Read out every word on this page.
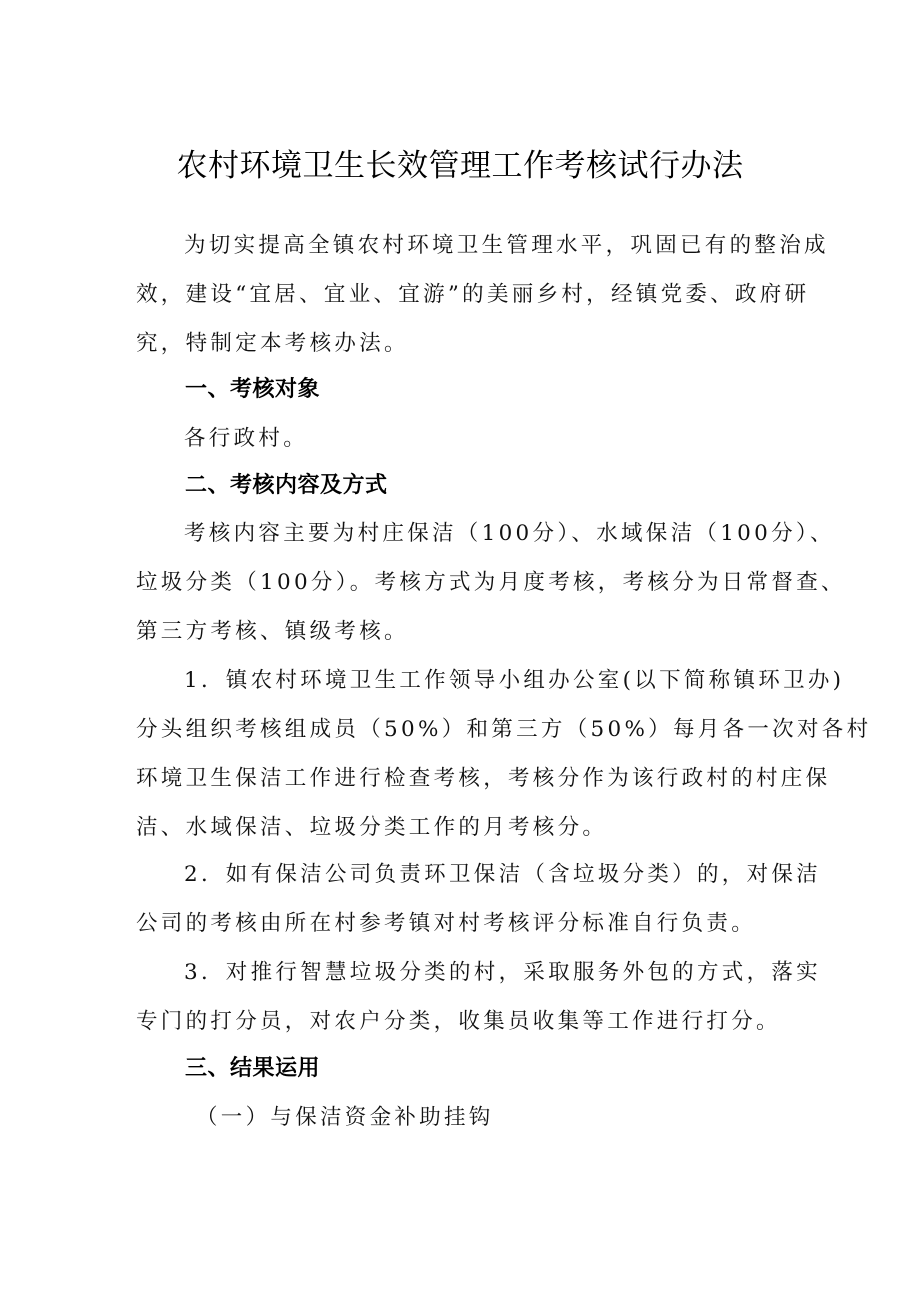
农村环境卫生长效管理工作考核试行办法
为切实提高全镇农村环境卫生管理水平，巩固已有的整治成
效，建设“宜居、宜业、宜游”的美丽乡村，经镇党委、政府研
究，特制定本考核办法。
一、考核对象
各行政村。
二、考核内容及方式
考核内容主要为村庄保洁（100分）、水域保洁（100分）、
垃圾分类（100分）。考核方式为月度考核，考核分为日常督查、
第三方考核、镇级考核。
1．镇农村环境卫生工作领导小组办公室(以下简称镇环卫办)
分头组织考核组成员（50%）和第三方（50%）每月各一次对各村
环境卫生保洁工作进行检查考核，考核分作为该行政村的村庄保
洁、水域保洁、垃圾分类工作的月考核分。
2．如有保洁公司负责环卫保洁（含垃圾分类）的，对保洁
公司的考核由所在村参考镇对村考核评分标准自行负责。
3．对推行智慧垃圾分类的村，采取服务外包的方式，落实
专门的打分员，对农户分类，收集员收集等工作进行打分。
三、结果运用
（一）与保洁资金补助挂钩
